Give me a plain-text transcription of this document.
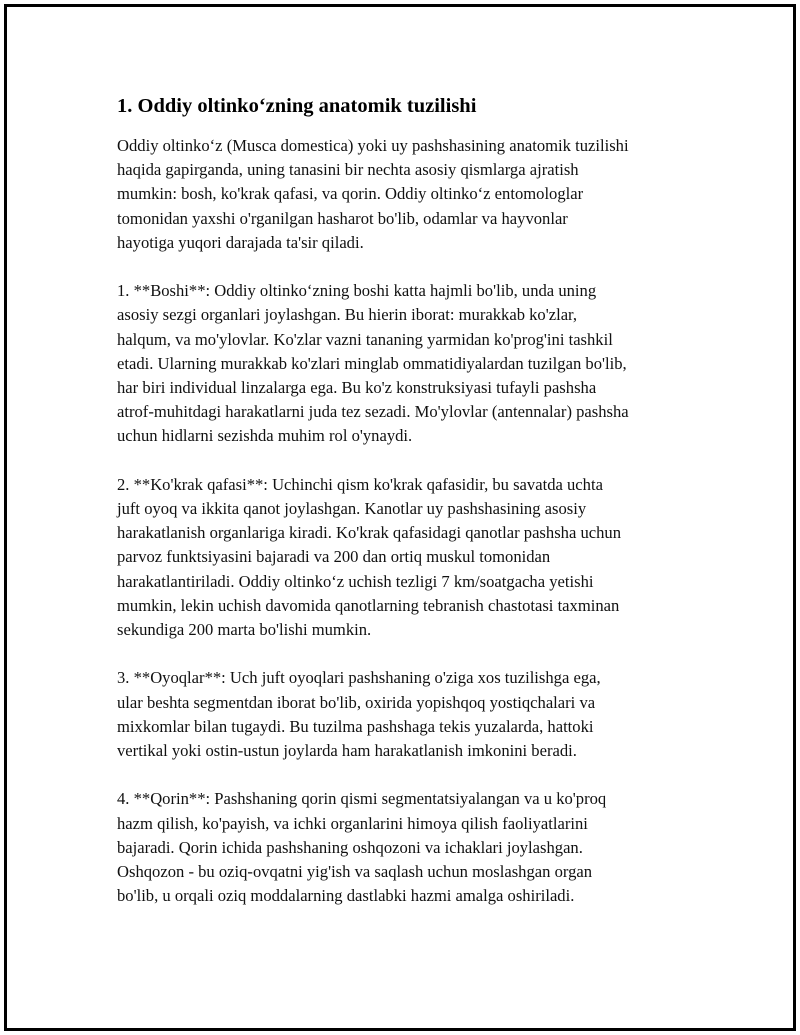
1. Oddiy oltinko‘zning anatomik tuzilishi

Oddiy oltinko‘z (Musca domestica) yoki uy pashshasining anatomik tuzilishi
haqida gapirganda, uning tanasini bir nechta asosiy qismlarga ajratish
mumkin: bosh, ko'krak qafasi, va qorin. Oddiy oltinko‘z entomologlar
tomonidan yaxshi o'rganilgan hasharot bo'lib, odamlar va hayvonlar
hayotiga yuqori darajada ta'sir qiladi.

1. **Boshi**: Oddiy oltinko‘zning boshi katta hajmli bo'lib, unda uning
asosiy sezgi organlari joylashgan. Bu hierin iborat: murakkab ko'zlar,
halqum, va mo'ylovlar. Ko'zlar vazni tananing yarmidan ko'prog'ini tashkil
etadi. Ularning murakkab ko'zlari minglab ommatidiyalardan tuzilgan bo'lib,
har biri individual linzalarga ega. Bu ko'z konstruksiyasi tufayli pashsha
atrof-muhitdagi harakatlarni juda tez sezadi. Mo'ylovlar (antennalar) pashsha
uchun hidlarni sezishda muhim rol o'ynaydi.

2. **Ko'krak qafasi**: Uchinchi qism ko'krak qafasidir, bu savatda uchta
juft oyoq va ikkita qanot joylashgan. Kanotlar uy pashshasining asosiy
harakatlanish organlariga kiradi. Ko'krak qafasidagi qanotlar pashsha uchun
parvoz funktsiyasini bajaradi va 200 dan ortiq muskul tomonidan
harakatlantiriladi. Oddiy oltinko‘z uchish tezligi 7 km/soatgacha yetishi
mumkin, lekin uchish davomida qanotlarning tebranish chastotasi taxminan
sekundiga 200 marta bo'lishi mumkin.

3. **Oyoqlar**: Uch juft oyoqlari pashshaning o'ziga xos tuzilishga ega,
ular beshta segmentdan iborat bo'lib, oxirida yopishqoq yostiqchalari va
mixkomlar bilan tugaydi. Bu tuzilma pashshaga tekis yuzalarda, hattoki
vertikal yoki ostin-ustun joylarda ham harakatlanish imkonini beradi.

4. **Qorin**: Pashshaning qorin qismi segmentatsiyalangan va u ko'proq
hazm qilish, ko'payish, va ichki organlarini himoya qilish faoliyatlarini
bajaradi. Qorin ichida pashshaning oshqozoni va ichaklari joylashgan.
Oshqozon - bu oziq-ovqatni yig'ish va saqlash uchun moslashgan organ
bo'lib, u orqali oziq moddalarning dastlabki hazmi amalga oshiriladi.
